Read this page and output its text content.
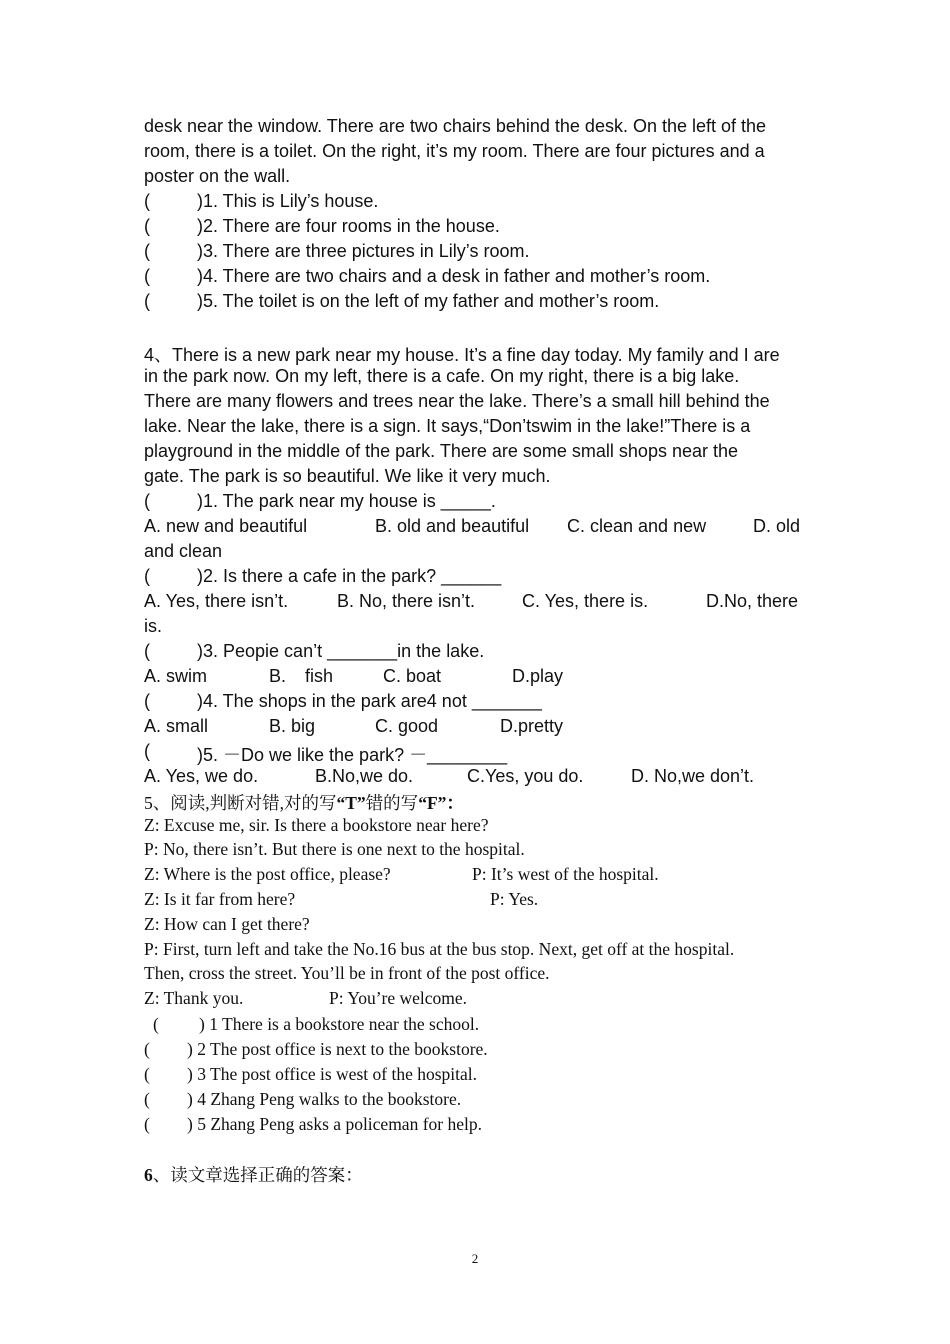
desk near the window. There are two chairs behind the desk. On the left of the
room, there is a toilet. On the right, it’s my room. There are four pictures and a
poster on the wall.
(	)1. This is Lily’s house.
(	)2. There are four rooms in the house.
(	)3. There are three pictures in Lily’s room.
(	)4. There are two chairs and a desk in father and mother’s room.
(	)5. The toilet is on the left of my father and mother’s room.
4、There is a new park near my house. It’s a fine day today. My family and I are
in the park now. On my left, there is a cafe. On my right, there is a big lake.
There are many flowers and trees near the lake. There’s a small hill behind the
lake. Near the lake, there is a sign. It says,“Don’tswim in the lake!”There is a
playground in the middle of the park. There are some small shops near the
gate. The park is so beautiful. We like it very much.
(	)1. The park near my house is _____.
A. new and beautiful	B. old and beautiful C. clean and new	D. old
and clean
(	)2. Is there a cafe in the park? ______
A. Yes, there isn’t.	B. No, there isn’t.	C. Yes, there is.	D.No, there
is.
(	)3. Peopie can’t _______in the lake.
A. swim	B. fish	C. boat	D.play
(	)4. The shops in the park are4 not _______
A. small	B. big	C. good	D.pretty
(	)5. －Do we like the park? －________
A. Yes, we do.	B.No,we do.	C.Yes, you do.	D. No,we don’t.
5、阅读,判断对错,对的写“T”错的写“F”：
Z: Excuse me, sir. Is there a bookstore near here?
P: No, there isn’t. But there is one next to the hospital.
Z: Where is the post office, please?	P: It’s west of the hospital.
Z: Is it far from here?	P: Yes.
Z: How can I get there?
P: First, turn left and take the No.16 bus at the bus stop. Next, get off at the hospital.
Then, cross the street. You’ll be in front of the post office.
Z: Thank you.	P: You’re welcome.
( ) 1 There is a bookstore near the school.
( ) 2 The post office is next to the bookstore.
( ) 3 The post office is west of the hospital.
( ) 4 Zhang Peng walks to the bookstore.
( ) 5 Zhang Peng asks a policeman for help.
6、读文章选择正确的答案：
2
